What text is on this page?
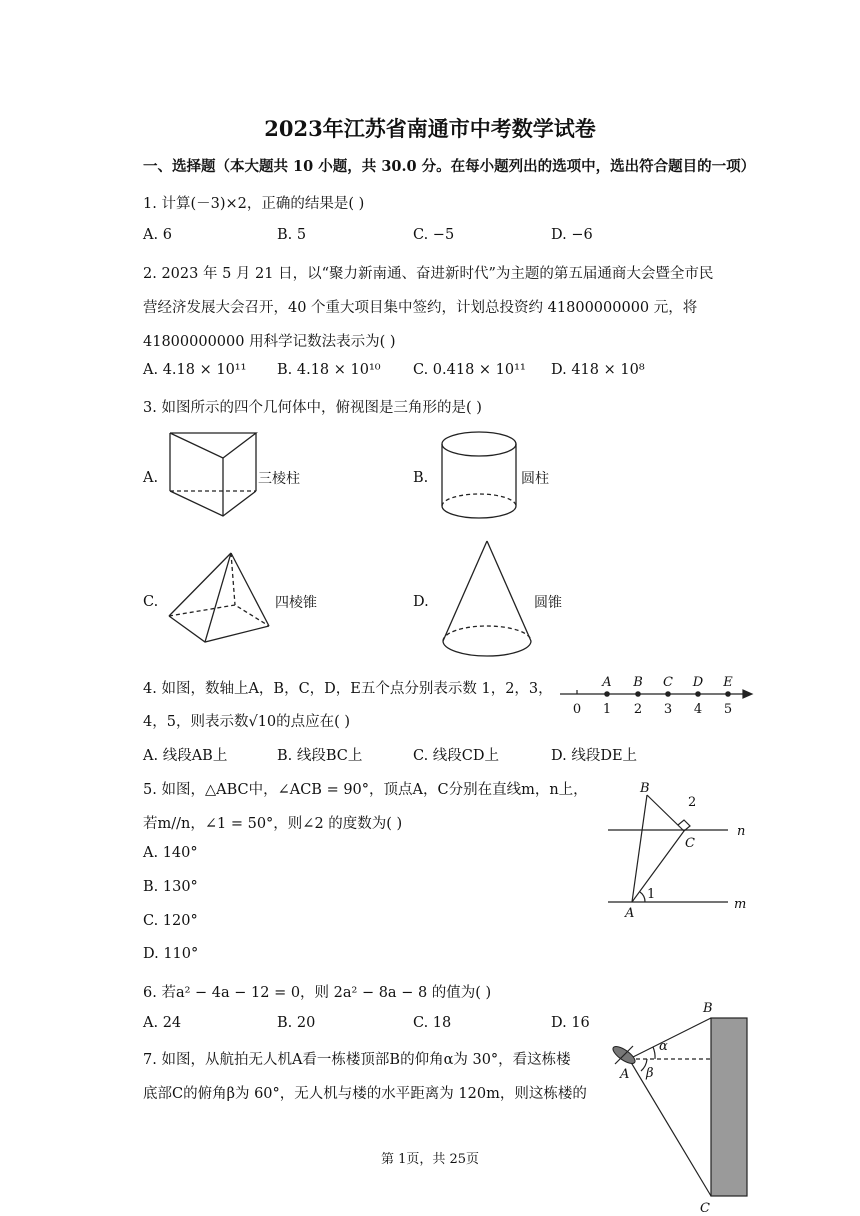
2023年江苏省南通市中考数学试卷
一、选择题（本大题共 10 小题，共 30.0 分。在每小题列出的选项中，选出符合题目的一项）
1. 计算(－3)×2，正确的结果是( )
A. 6	B. 5	C. −5	D. −6
2. 2023 年 5 月 21 日，以“聚力新南通、奋进新时代”为主题的第五届通商大会暨全市民
营经济发展大会召开，40 个重大项目集中签约，计划总投资约 41800000000 元，将
41800000000 用科学记数法表示为( )
A. 4.18 × 10¹¹ B. 4.18 × 10¹⁰ C. 0.418 × 10¹¹ D. 418 × 10⁸
3. 如图所示的四个几何体中，俯视图是三角形的是( )
A.	三棱柱	B.	圆柱
C.	四棱锥	D.	圆锥
4. 如图，数轴上A，B，C，D，E五个点分别表示数 1，2，3，
4，5，则表示数√10的点应在( )
A B C D E
0 1 2 3 4 5
A. 线段AB上	B. 线段BC上	C. 线段CD上	D. 线段DE上
5. 如图，△ABC中，∠ACB = 90°，顶点A，C分别在直线m，n上，
若m//n，∠1 = 50°，则∠2 的度数为( )
A. 140°
B. 130°
C. 120°
D. 110°
B
2
n
C
1
A
m
6. 若a² − 4a − 12 = 0，则 2a² − 8a − 8 的值为( )
A. 24	B. 20	C. 18	D. 16
7. 如图，从航拍无人机A看一栋楼顶部B的仰角α为 30°，看这栋楼
底部C的俯角β为 60°，无人机与楼的水平距离为 120m，则这栋楼的
B
α
A β
C
第 1页，共 25页
